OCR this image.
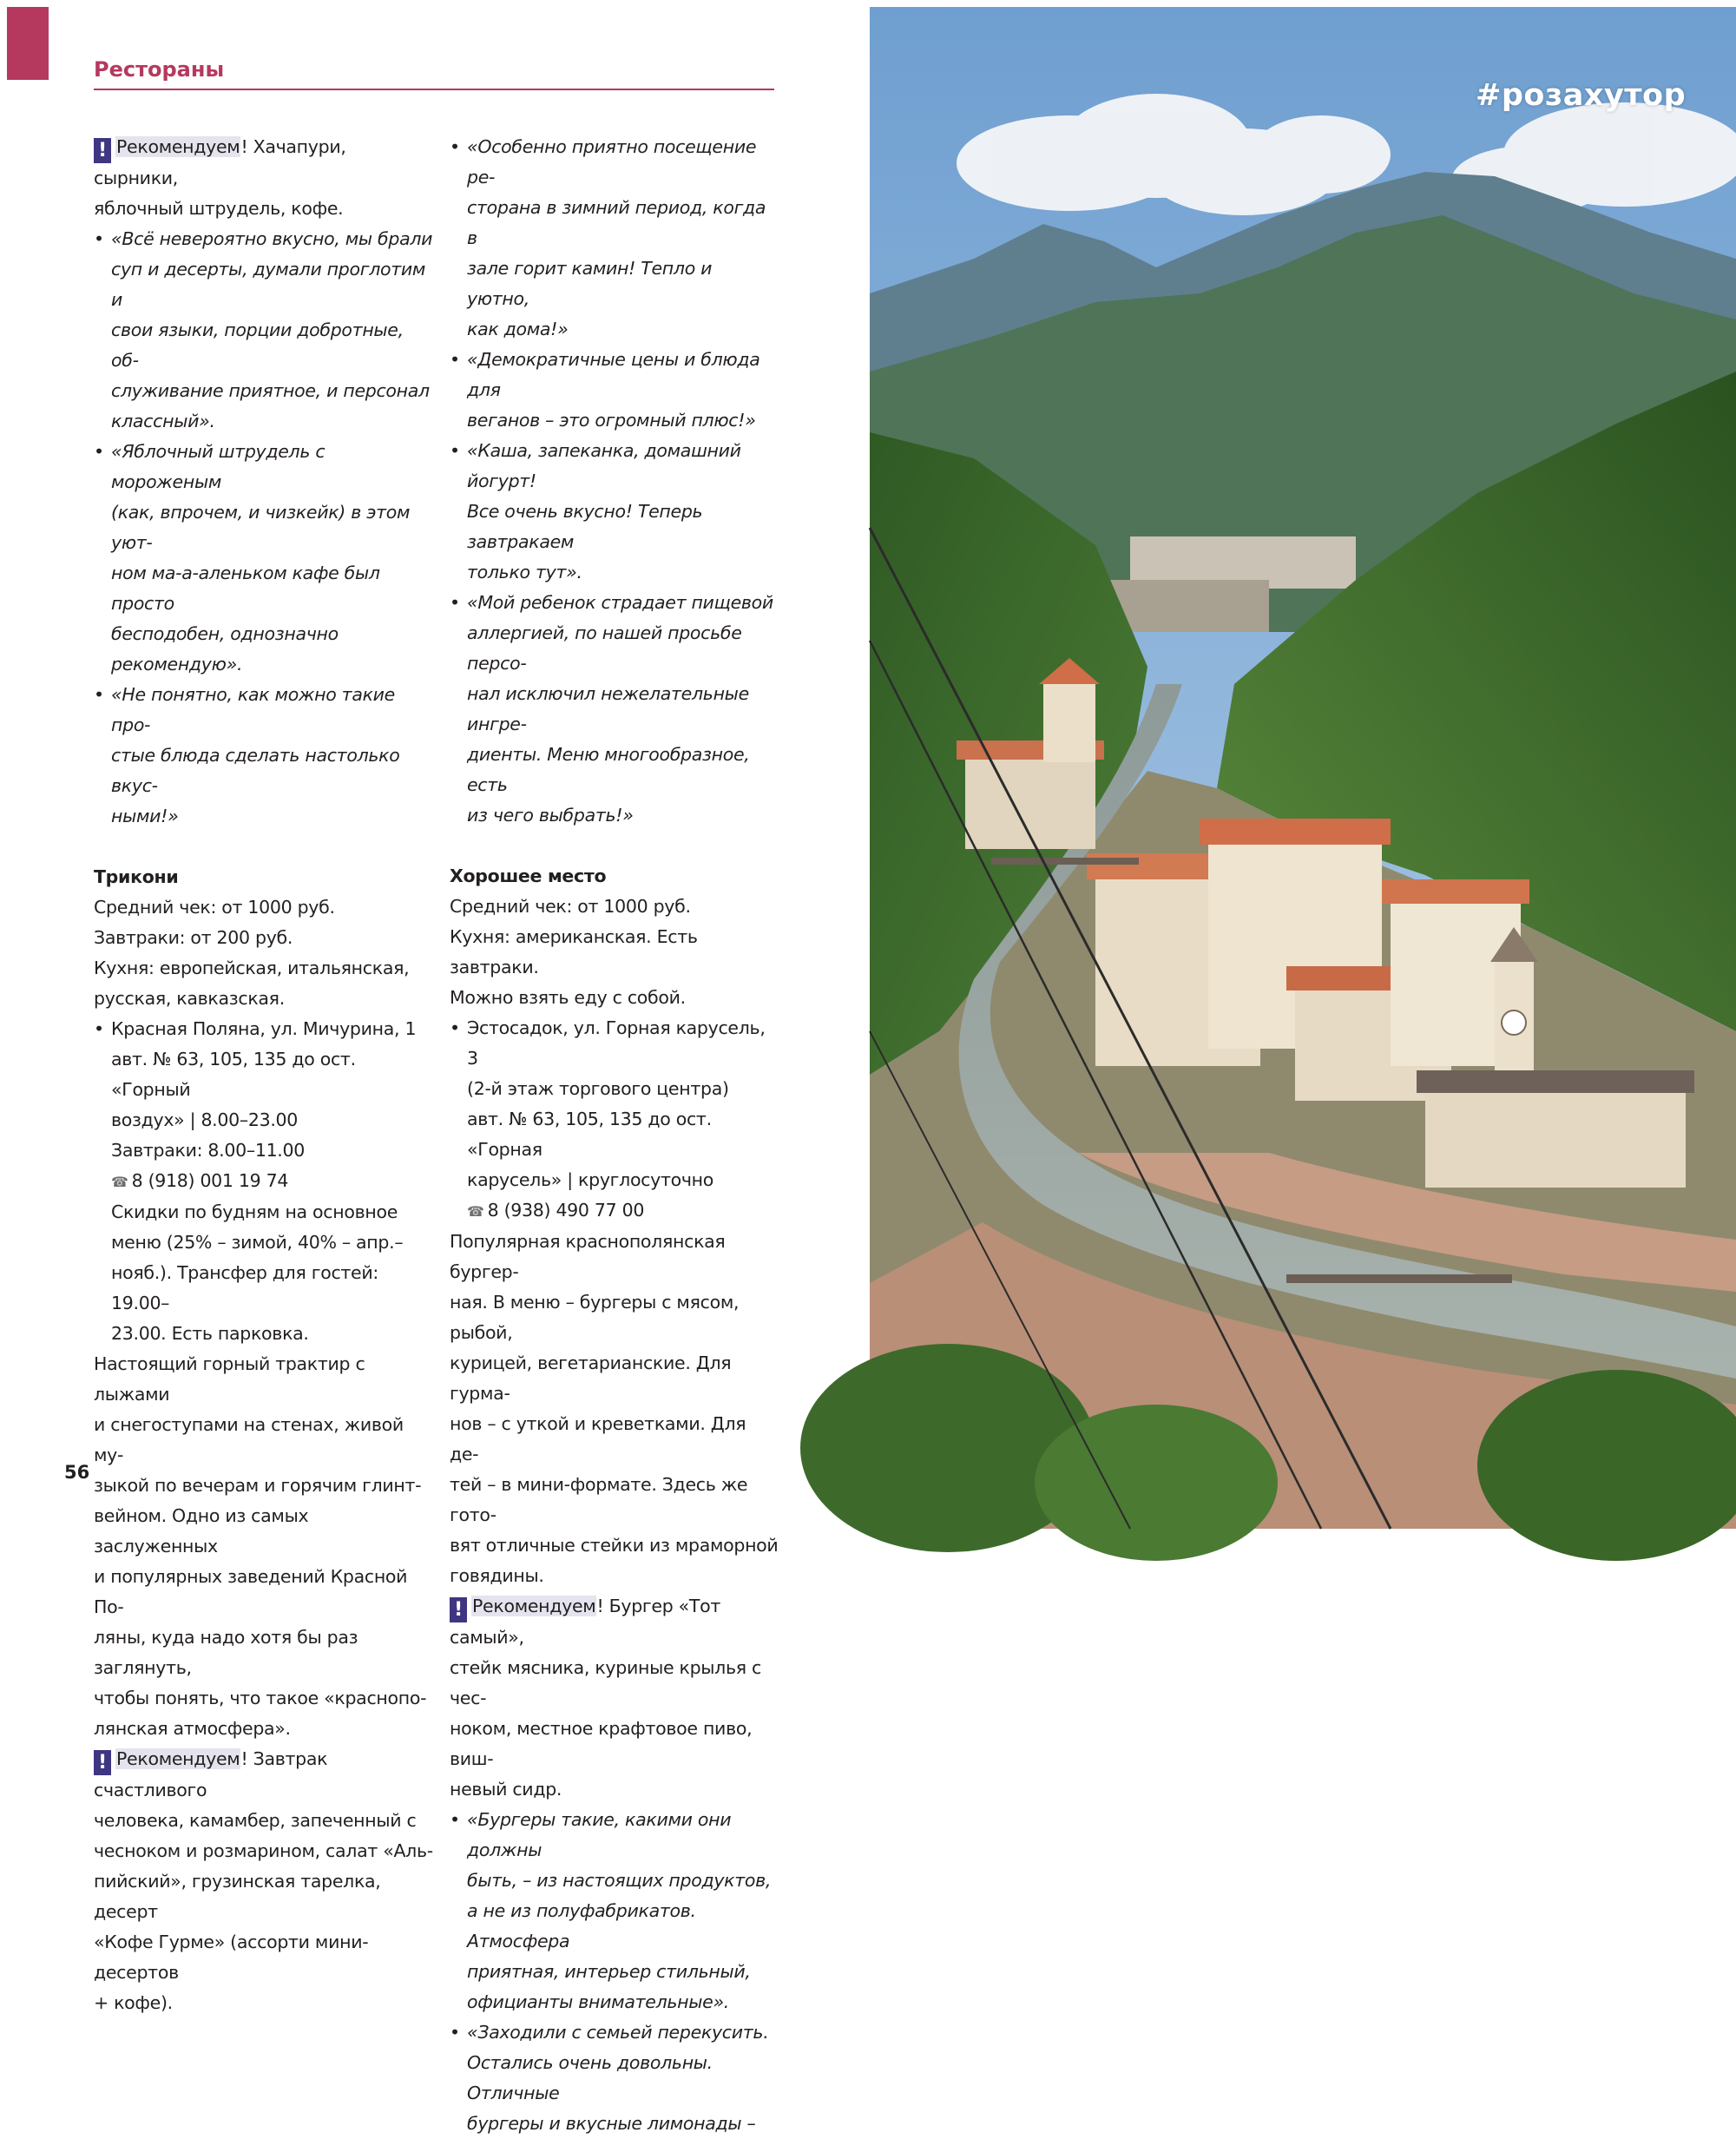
Рестораны
! Рекомендуем! Хачапури, сырники,
яблочный штрудель, кофе.
• «Всё невероятно вкусно, мы брали
суп и десерты, думали проглотим и
свои языки, порции добротные, об-
служивание приятное, и персонал
классный».
• «Яблочный штрудель с мороженым
(как, впрочем, и чизкейк) в этом уют-
ном ма-а-аленьком кафе был просто
бесподобен, однозначно рекомендую».
• «Не понятно, как можно такие про-
стые блюда сделать настолько вкус-
ными!»
Трикони
Средний чек: от 1000 руб.
Завтраки: от 200 руб.
Кухня: европейская, итальянская,
русская, кавказская.
• Красная Поляна, ул. Мичурина, 1
авт. № 63, 105, 135 до ост. «Горный
воздух» | 8.00–23.00
Завтраки: 8.00–11.00
☎ 8 (918) 001 19 74
Скидки по будням на основное
меню (25% – зимой, 40% – апр.–
нояб.). Трансфер для гостей: 19.00–
23.00. Есть парковка.
Настоящий горный трактир с лыжами
и снегоступами на стенах, живой му-
зыкой по вечерам и горячим глинт-
вейном. Одно из самых заслуженных
и популярных заведений Красной По-
ляны, куда надо хотя бы раз заглянуть,
чтобы понять, что такое «краснопо-
лянская атмосфера».
! Рекомендуем! Завтрак счастливого
человека, камамбер, запеченный с
чесноком и розмарином, салат «Аль-
пийский», грузинская тарелка, десерт
«Кофе Гурме» (ассорти мини-десертов
+ кофе).
• «Особенно приятно посещение ре-
сторана в зимний период, когда в
зале горит камин! Тепло и уютно,
как дома!»
• «Демократичные цены и блюда для
веганов – это огромный плюс!»
• «Каша, запеканка, домашний йогурт!
Все очень вкусно! Теперь завтракаем
только тут».
• «Мой ребенок страдает пищевой
аллергией, по нашей просьбе персо-
нал исключил нежелательные ингре-
диенты. Меню многообразное, есть
из чего выбрать!»
Хорошее место
Средний чек: от 1000 руб.
Кухня: американская. Есть завтраки.
Можно взять еду с собой.
• Эстосадок, ул. Горная карусель, 3
(2-й этаж торгового центра)
авт. № 63, 105, 135 до ост. «Горная
карусель» | круглосуточно
☎ 8 (938) 490 77 00
Популярная краснополянская бургер-
ная. В меню – бургеры с мясом, рыбой,
курицей, вегетарианские. Для гурма-
нов – с уткой и креветками. Для де-
тей – в мини-формате. Здесь же гото-
вят отличные стейки из мраморной
говядины.
! Рекомендуем! Бургер «Тот самый»,
стейк мясника, куриные крылья с чес-
ноком, местное крафтовое пиво, виш-
невый сидр.
• «Бургеры такие, какими они должны
быть, – из настоящих продуктов,
а не из полуфабрикатов. Атмосфера
приятная, интерьер стильный,
официанты внимательные».
• «Заходили с семьей перекусить.
Остались очень довольны. Отличные
бургеры и вкусные лимонады –
56
#розахутор
